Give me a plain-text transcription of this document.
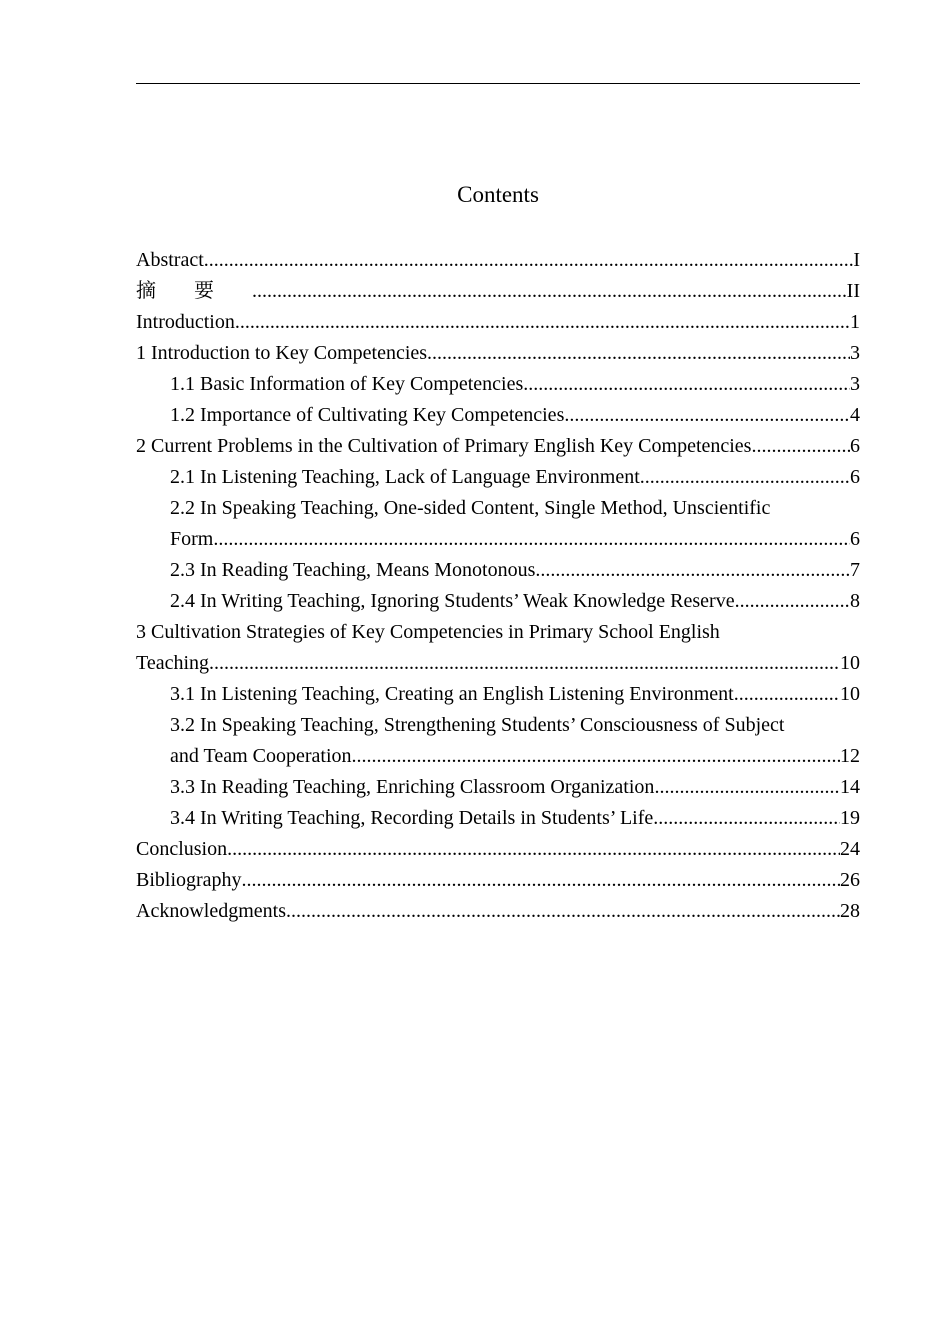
Contents
Abstract .....	I
摘要 .....	II
Introduction .....	1
1 Introduction to Key Competencies .....	3
1.1 Basic Information of Key Competencies .....	3
1.2 Importance of Cultivating Key Competencies .....	4
2 Current Problems in the Cultivation of Primary English Key Competencies .....	6
2.1 In Listening Teaching, Lack of Language Environment .....	6
2.2 In Speaking Teaching, One-sided Content, Single Method, Unscientific
Form .....	6
2.3 In Reading Teaching, Means Monotonous .....	7
2.4 In Writing Teaching, Ignoring Students’ Weak Knowledge Reserve .....	8
3 Cultivation Strategies of Key Competencies in Primary School English
Teaching .....	10
3.1 In Listening Teaching, Creating an English Listening Environment .....	10
3.2 In Speaking Teaching, Strengthening Students’ Consciousness of Subject
and Team Cooperation .....	12
3.3 In Reading Teaching, Enriching Classroom Organization .....	14
3.4 In Writing Teaching, Recording Details in Students’ Life .....	19
Conclusion .....	24
Bibliography .....	26
Acknowledgments .....	28
